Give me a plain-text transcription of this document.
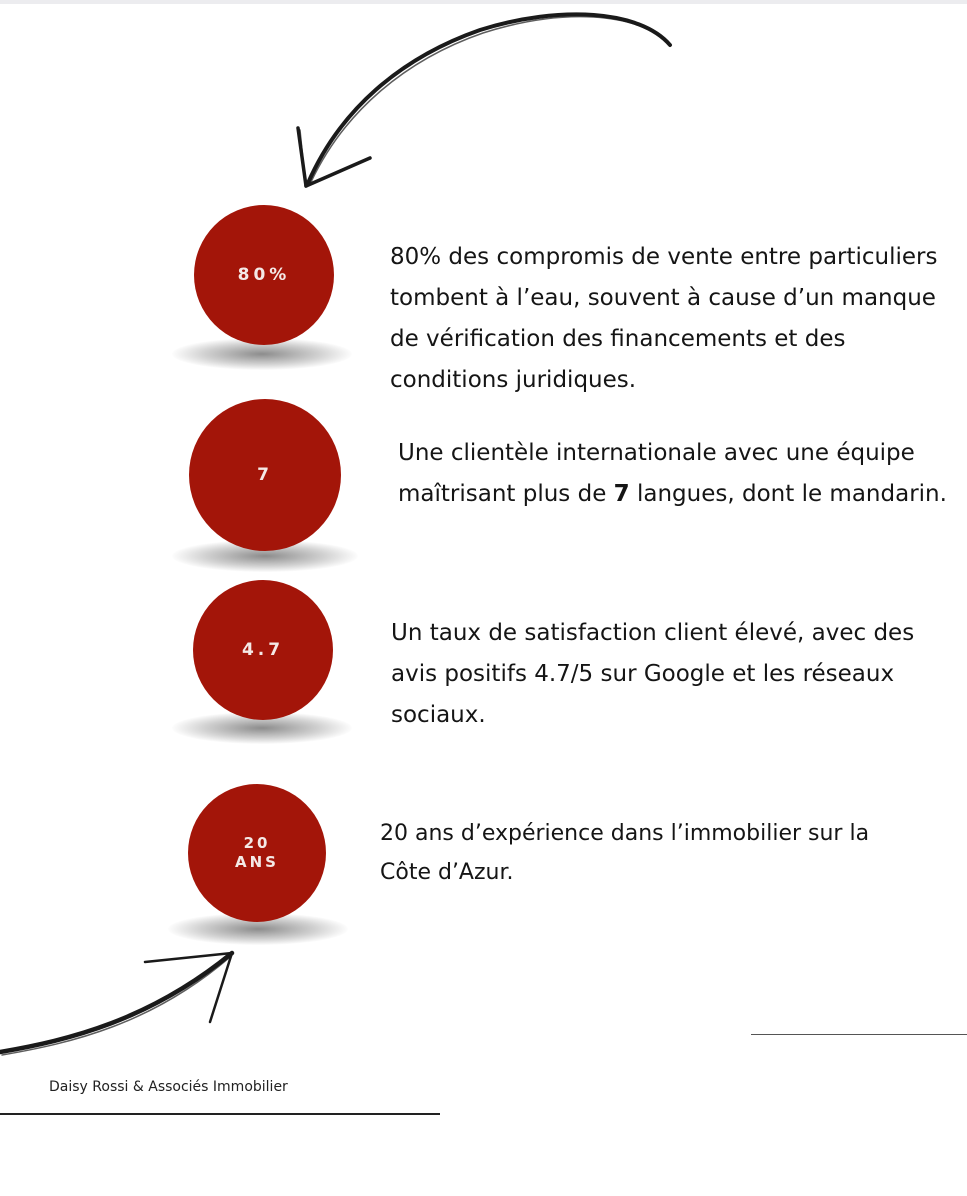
80%

80% des compromis de vente entre particuliers tombent à l’eau, souvent à cause d’un manque de vérification des financements et des conditions juridiques.

7

Une clientèle internationale avec une équipe maîtrisant plus de 7 langues, dont le mandarin.

4.7

Un taux de satisfaction client élevé, avec des avis positifs 4.7/5 sur Google et les réseaux sociaux.

20
ANS

20 ans d’expérience dans l’immobilier sur la Côte d’Azur.

Daisy Rossi & Associés Immobilier
